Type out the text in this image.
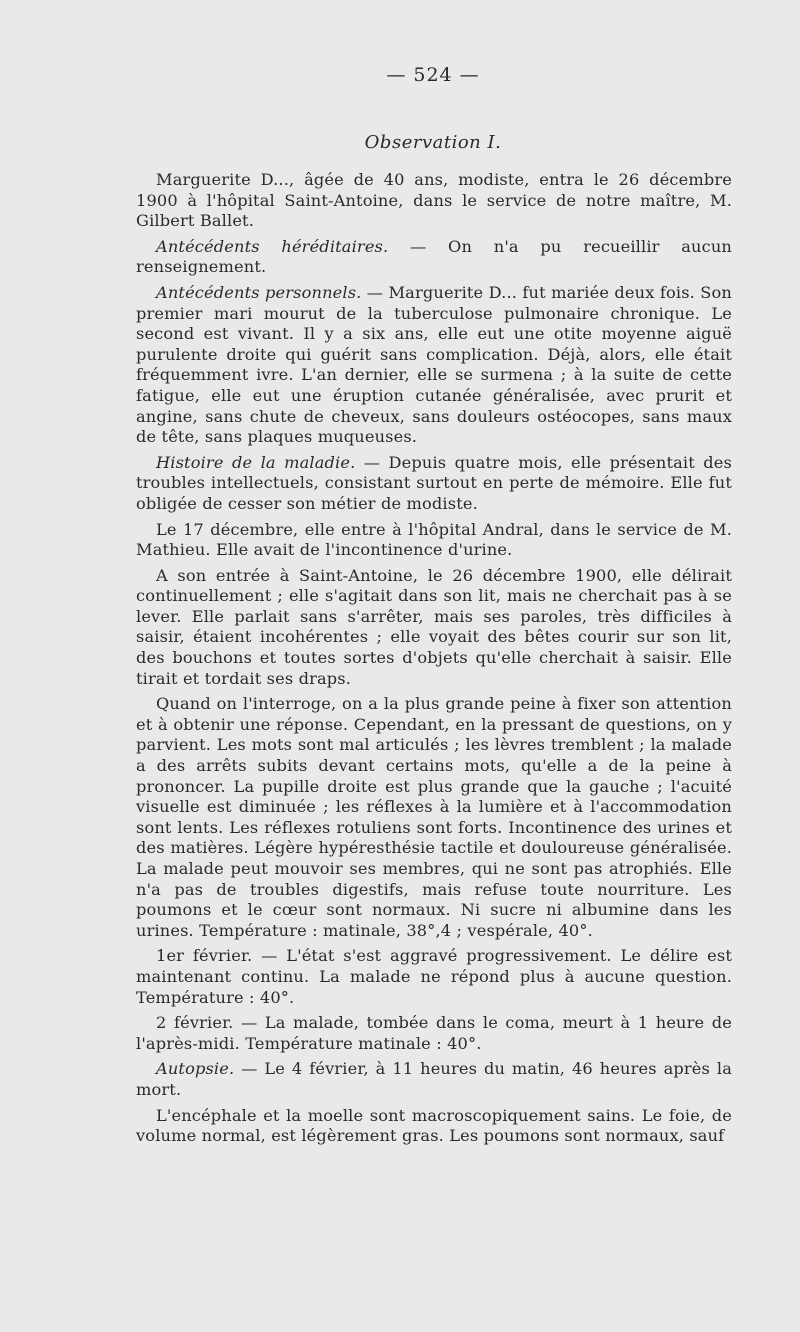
— 524 —
Observation I.

Marguerite D..., âgée de 40 ans, modiste, entra le 26 décembre 1900 à l'hôpital Saint-Antoine, dans le service de notre maître, M. Gilbert Ballet.

Antécédents héréditaires. — On n'a pu recueillir aucun renseignement.

Antécédents personnels. — Marguerite D... fut mariée deux fois. Son premier mari mourut de la tuberculose pulmonaire chronique. Le second est vivant. Il y a six ans, elle eut une otite moyenne aiguë purulente droite qui guérit sans complication. Déjà, alors, elle était fréquemment ivre. L'an dernier, elle se surmena ; à la suite de cette fatigue, elle eut une éruption cutanée généralisée, avec prurit et angine, sans chute de cheveux, sans douleurs ostéocopes, sans maux de tête, sans plaques muqueuses.

Histoire de la maladie. — Depuis quatre mois, elle présentait des troubles intellectuels, consistant surtout en perte de mémoire. Elle fut obligée de cesser son métier de modiste.

Le 17 décembre, elle entre à l'hôpital Andral, dans le service de M. Mathieu. Elle avait de l'incontinence d'urine.

A son entrée à Saint-Antoine, le 26 décembre 1900, elle délirait continuellement ; elle s'agitait dans son lit, mais ne cherchait pas à se lever. Elle parlait sans s'arrêter, mais ses paroles, très difficiles à saisir, étaient incohérentes ; elle voyait des bêtes courir sur son lit, des bouchons et toutes sortes d'objets qu'elle cherchait à saisir. Elle tirait et tordait ses draps.

Quand on l'interroge, on a la plus grande peine à fixer son attention et à obtenir une réponse. Cependant, en la pressant de questions, on y parvient. Les mots sont mal articulés ; les lèvres tremblent ; la malade a des arrêts subits devant certains mots, qu'elle a de la peine à prononcer. La pupille droite est plus grande que la gauche ; l'acuité visuelle est diminuée ; les réflexes à la lumière et à l'accommodation sont lents. Les réflexes rotuliens sont forts. Incontinence des urines et des matières. Légère hypéresthésie tactile et douloureuse généralisée. La malade peut mouvoir ses membres, qui ne sont pas atrophiés. Elle n'a pas de troubles digestifs, mais refuse toute nourriture. Les poumons et le cœur sont normaux. Ni sucre ni albumine dans les urines. Température : matinale, 38°,4 ; vespérale, 40°.

1er février. — L'état s'est aggravé progressivement. Le délire est maintenant continu. La malade ne répond plus à aucune question. Température : 40°.

2 février. — La malade, tombée dans le coma, meurt à 1 heure de l'après-midi. Température matinale : 40°.

Autopsie. — Le 4 février, à 11 heures du matin, 46 heures après la mort.

L'encéphale et la moelle sont macroscopiquement sains. Le foie, de volume normal, est légèrement gras. Les poumons sont normaux, sauf
